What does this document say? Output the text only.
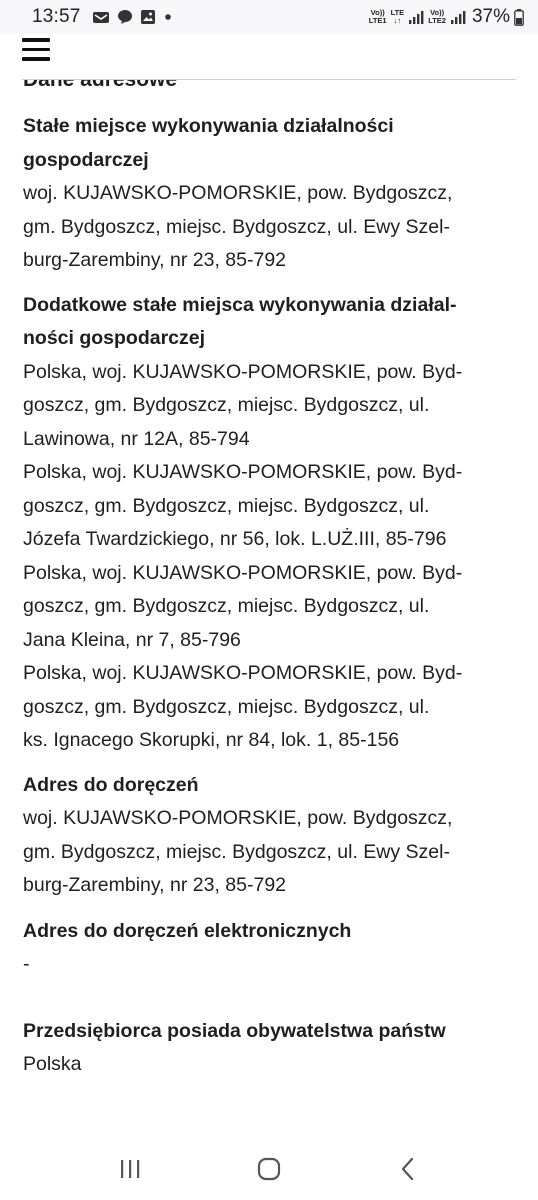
13:57	Vo))
LTE1
LTE
↓↑
Vo))
LTE2 37%
Stałe miejsce wykonywania działalności
gospodarczej
woj. KUJAWSKO-POMORSKIE, pow. Bydgoszcz,
gm. Bydgoszcz, miejsc. Bydgoszcz, ul. Ewy Szel-
burg-Zarembiny, nr 23, 85-792
Dodatkowe stałe miejsca wykonywania działal-
ności gospodarczej
Polska, woj. KUJAWSKO-POMORSKIE, pow. Byd-
goszcz, gm. Bydgoszcz, miejsc. Bydgoszcz, ul.
Lawinowa, nr 12A, 85-794
Polska, woj. KUJAWSKO-POMORSKIE, pow. Byd-
goszcz, gm. Bydgoszcz, miejsc. Bydgoszcz, ul.
Józefa Twardzickiego, nr 56, lok. L.UŻ.III, 85-796
Polska, woj. KUJAWSKO-POMORSKIE, pow. Byd-
goszcz, gm. Bydgoszcz, miejsc. Bydgoszcz, ul.
Jana Kleina, nr 7, 85-796
Polska, woj. KUJAWSKO-POMORSKIE, pow. Byd-
goszcz, gm. Bydgoszcz, miejsc. Bydgoszcz, ul.
ks. Ignacego Skorupki, nr 84, lok. 1, 85-156
Adres do doręczeń
woj. KUJAWSKO-POMORSKIE, pow. Bydgoszcz,
gm. Bydgoszcz, miejsc. Bydgoszcz, ul. Ewy Szel-
burg-Zarembiny, nr 23, 85-792
Adres do doręczeń elektronicznych
-
Przedsiębiorca posiada obywatelstwa państw
Polska
